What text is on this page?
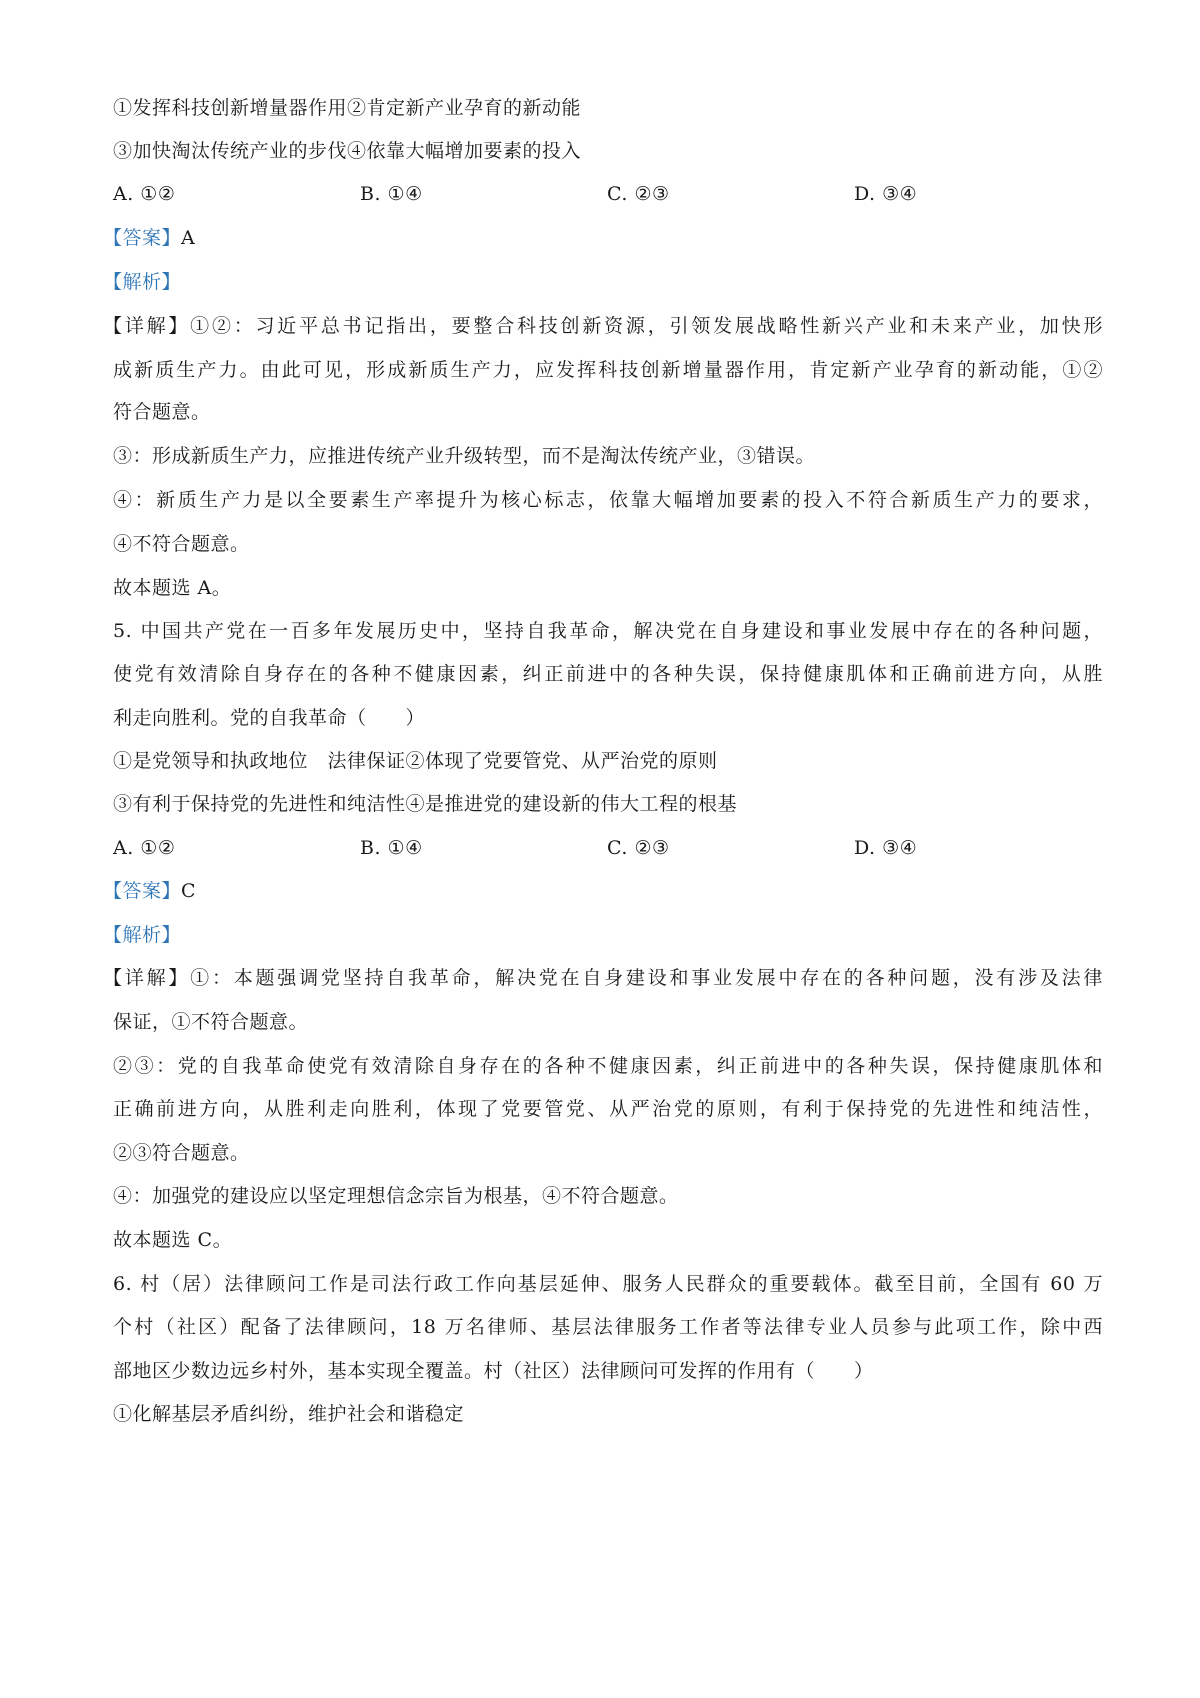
①发挥科技创新增量器作用②肯定新产业孕育的新动能
③加快淘汰传统产业的步伐④依靠大幅增加要素的投入
A. ①②	B. ①④	C. ②③	D. ③④
【答案】A
【解析】
【详解】①②：习近平总书记指出，要整合科技创新资源，引领发展战略性新兴产业和未来产业，加快形
成新质生产力。由此可见，形成新质生产力，应发挥科技创新增量器作用，肯定新产业孕育的新动能，①②
符合题意。
③：形成新质生产力，应推进传统产业升级转型，而不是淘汰传统产业，③错误。
④：新质生产力是以全要素生产率提升为核心标志，依靠大幅增加要素的投入不符合新质生产力的要求，
④不符合题意。
故本题选 A。
5. 中国共产党在一百多年发展历史中，坚持自我革命，解决党在自身建设和事业发展中存在的各种问题，
使党有效清除自身存在的各种不健康因素，纠正前进中的各种失误，保持健康肌体和正确前进方向，从胜
利走向胜利。党的自我革命（　　）
①是党领导和执政地位　法律保证②体现了党要管党、从严治党的原则
③有利于保持党的先进性和纯洁性④是推进党的建设新的伟大工程的根基
A. ①②	B. ①④	C. ②③	D. ③④
【答案】C
【解析】
【详解】①：本题强调党坚持自我革命，解决党在自身建设和事业发展中存在的各种问题，没有涉及法律
保证，①不符合题意。
②③：党的自我革命使党有效清除自身存在的各种不健康因素，纠正前进中的各种失误，保持健康肌体和
正确前进方向，从胜利走向胜利，体现了党要管党、从严治党的原则，有利于保持党的先进性和纯洁性，
②③符合题意。
④：加强党的建设应以坚定理想信念宗旨为根基，④不符合题意。
故本题选 C。
6. 村（居）法律顾问工作是司法行政工作向基层延伸、服务人民群众的重要载体。截至目前，全国有 60 万
个村（社区）配备了法律顾问，18 万名律师、基层法律服务工作者等法律专业人员参与此项工作，除中西
部地区少数边远乡村外，基本实现全覆盖。村（社区）法律顾问可发挥的作用有（　　）
①化解基层矛盾纠纷，维护社会和谐稳定
